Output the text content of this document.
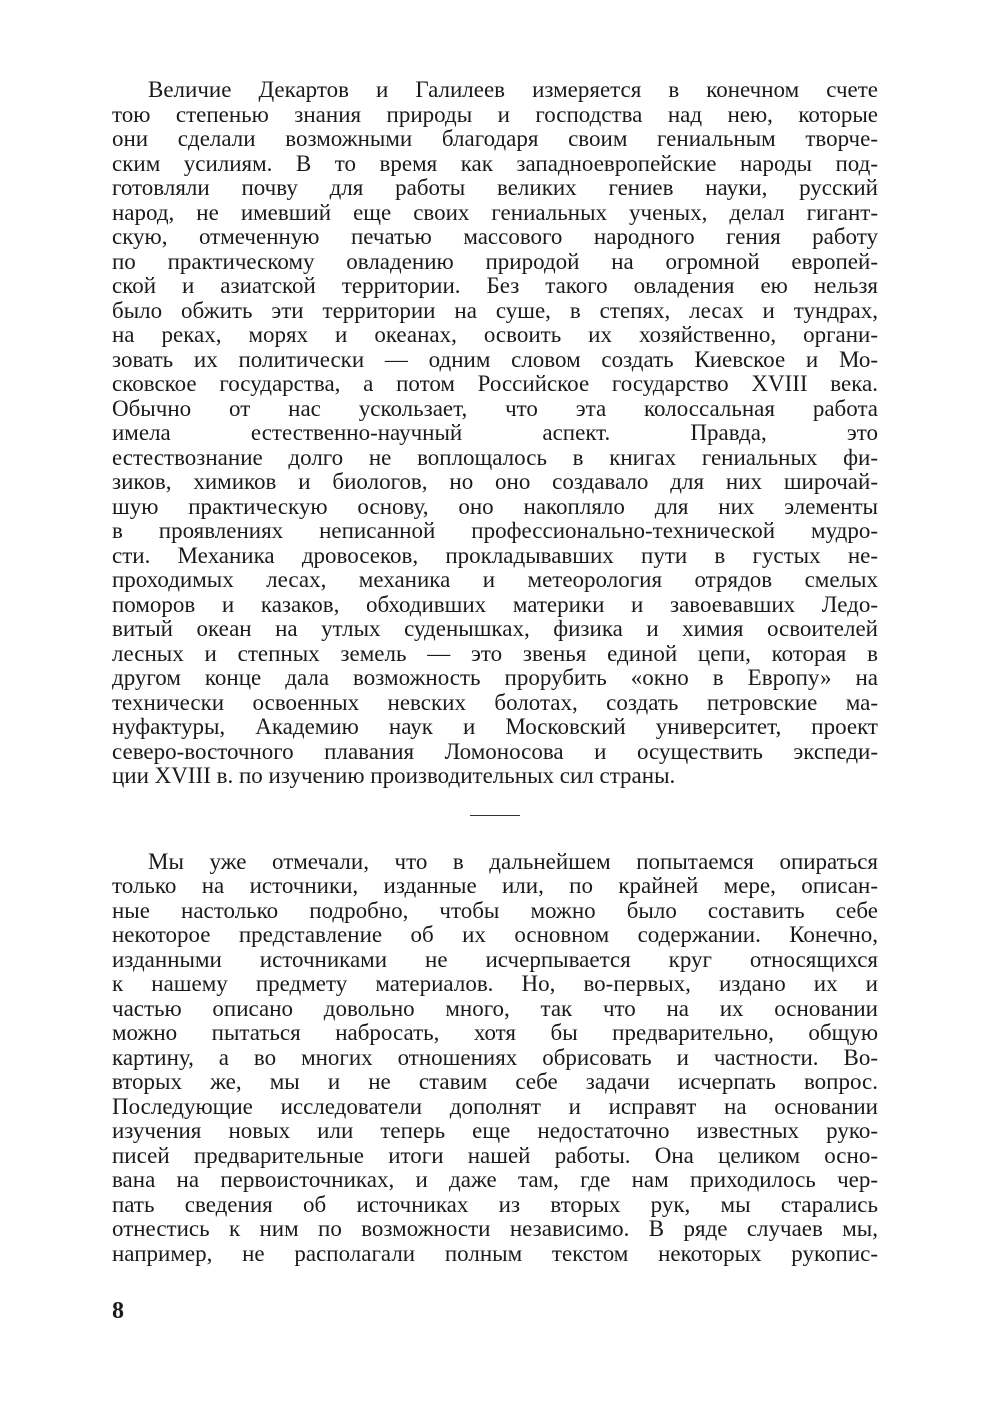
Величие Декартов и Галилеев измеряется в конечном счете
тою степенью знания природы и господства над нею, которые
они сделали возможными благодаря своим гениальным творче-
ским усилиям. В то время как западноевропейские народы под-
готовляли почву для работы великих гениев науки, русский
народ, не имевший еще своих гениальных ученых, делал гигант-
скую, отмеченную печатью массового народного гения работу
по практическому овладению природой на огромной европей-
ской и азиатской территории. Без такого овладения ею нельзя
было обжить эти территории на суше, в степях, лесах и тундрах,
на реках, морях и океанах, освоить их хозяйственно, органи-
зовать их политически — одним словом создать Киевское и Мо-
сковское государства, а потом Российское государство XVIII века.
Обычно от нас ускользает, что эта колоссальная работа
имела естественно-научный аспект. Правда, это
естествознание долго не воплощалось в книгах гениальных фи-
зиков, химиков и биологов, но оно создавало для них широчай-
шую практическую основу, оно накопляло для них элементы
в проявлениях неписанной профессионально-технической мудро-
сти. Механика дровосеков, прокладывавших пути в густых не-
проходимых лесах, механика и метеорология отрядов смелых
поморов и казаков, обходивших материки и завоевавших Ледо-
витый океан на утлых суденышках, физика и химия освоителей
лесных и степных земель — это звенья единой цепи, которая в
другом конце дала возможность прорубить «окно в Европу» на
технически освоенных невских болотах, создать петровские ма-
нуфактуры, Академию наук и Московский университет, проект
северо-восточного плавания Ломоносова и осуществить экспеди-
ции XVIII в. по изучению производительных сил страны.
Мы уже отмечали, что в дальнейшем попытаемся опираться
только на источники, изданные или, по крайней мере, описан-
ные настолько подробно, чтобы можно было составить себе
некоторое представление об их основном содержании. Конечно,
изданными источниками не исчерпывается круг относящихся
к нашему предмету материалов. Но, во-первых, издано их и
частью описано довольно много, так что на их основании
можно пытаться набросать, хотя бы предварительно, общую
картину, а во многих отношениях обрисовать и частности. Во-
вторых же, мы и не ставим себе задачи исчерпать вопрос.
Последующие исследователи дополнят и исправят на основании
изучения новых или теперь еще недостаточно известных руко-
писей предварительные итоги нашей работы. Она целиком осно-
вана на первоисточниках, и даже там, где нам приходилось чер-
пать сведения об источниках из вторых рук, мы старались
отнестись к ним по возможности независимо. В ряде случаев мы,
например, не располагали полным текстом некоторых рукопис-
8
